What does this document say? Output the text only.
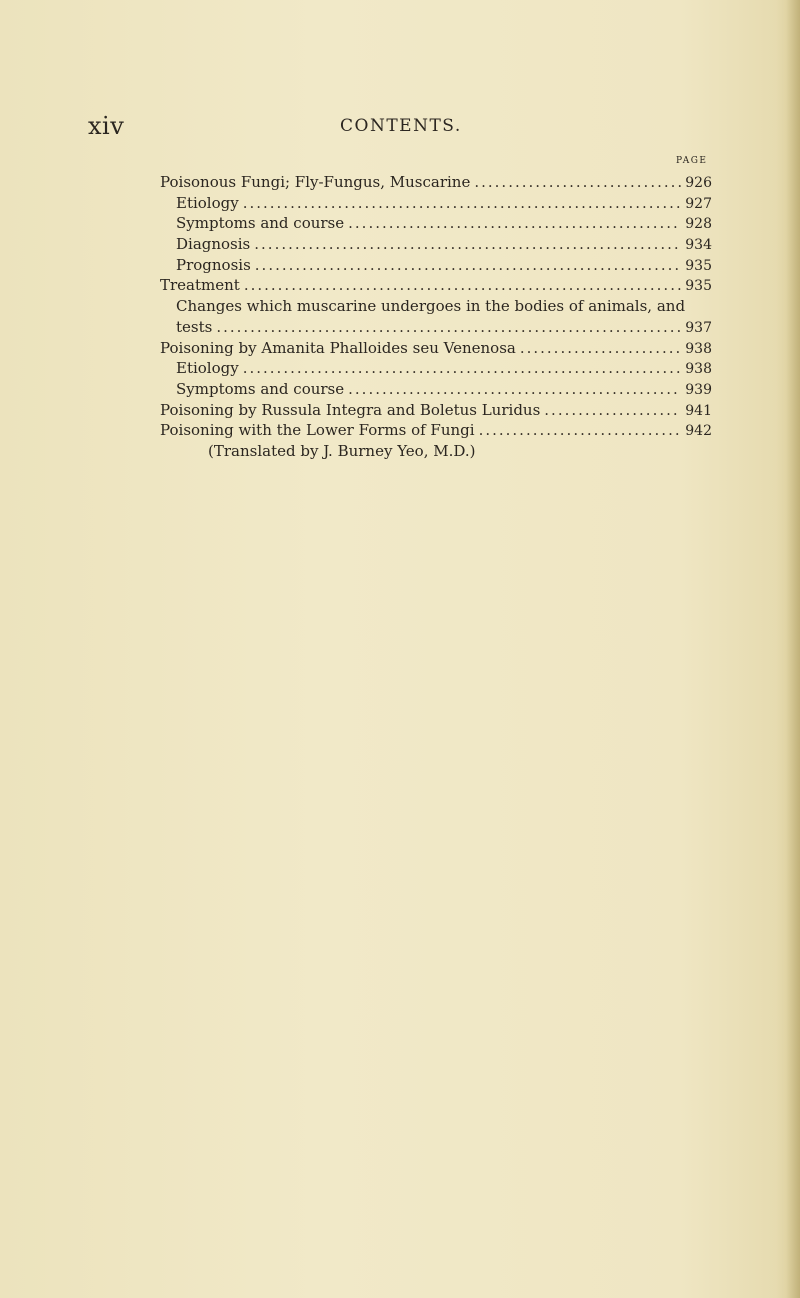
xiv	CONTENTS.
PAGE
Poisonous Fungi; Fly-Fungus, Muscarine .....	926
Etiology .....	927
Symptoms and course .....	928
Diagnosis .....	934
Prognosis .....	935
Treatment .....	935
Changes which muscarine undergoes in the bodies of animals, and
tests .....	937
Poisoning by Amanita Phalloides seu Venenosa .....	938
Etiology .....	938
Symptoms and course .....	939
Poisoning by Russula Integra and Boletus Luridus .....	941
Poisoning with the Lower Forms of Fungi .....	942
(Translated by J. Burney Yeo, M.D.)
